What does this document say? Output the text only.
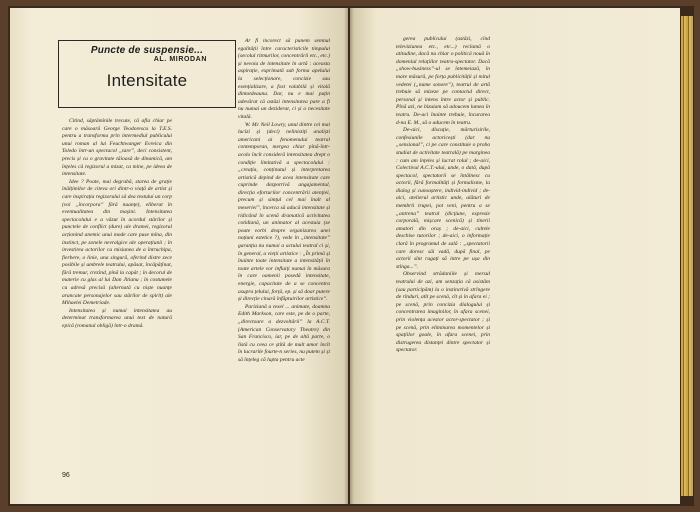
Puncte de suspensie...
AL. MIRODAN
Intensitate

Citind, săptămînile trecute, că afla chiar pe care o măsoară George Teodorescu la T.E.S. pentru a transforma prin intermediul publicului unui roman al lui Feuchtwanger Evreica din Toledo într-un spectacol „tare”, deci consistent, precis și cu o gravitate tăioasă de dinamică, am înțeles că regizorul a mizat, ca mine, pe ideea de intensitate.

Idee ? Poate, mai degrabă, starea de grație înălțimilor de citeva ori dintr-o viață de artist și care inspirația regizorului să dea textului un corp (voi „încorpora” fără nuanțe), eliberat în eventualitatea din mașini. Intensitatea spectacolului e a văzut în acordul stărilor și punctele de conflict (dure) ale dramei, regizorul acționind anemic unui mode care puse mîna, din instinct, pe zonele nevralgice ale operațiunii ; în investirea actorilor cu misiunea de a întruchipa, fierbere, o linie, una singură, oferind distre zece posibile și umbrele teatrului, apăsat, încăpățînat, fără tremur, crezînd, pînă la capăt ; în decorul de materie cu glas al lui Dan Jitianu ; în costumele cu adresă precisă (alternată cu niște nuanțe aruncate personajelor sau stărilor de spirit) ale Mihaelei Demetriade.

Intensitatea și numai intensitatea au determinat transformarea unui text de natură epică (romanul obligă) într-o dramă.

Ar fi incorect să punem semnul egalității între caracteristicile timpului (secolul ritmurilor, concentrării etc., etc.) și nevoia de intensitate în artă : aceasta aspirație, exprimată sub forma apelului la selecționare, concizie sau esențializare, a fost valabilă și vitală dintotdeauna. Dar, nu e mai puțin adevărat că astăzi intensitatea pare a fi nu numai un deziderat, ci și o necesitate vitală.

W. Mc Neil Lowry, unul dintre cei mai lucizi și (deci) nelinistiți analiști americani ai fenomenului teatral contemporan, mergea chiar pînă-într-acolo încît consideră intensitatea drept o condiție limitativă a spectacolului : „creația, conținutul și interpretarea artistică depind de acea intensitate care cuprinde dezpotrivă angajamentul, direcția eforturilor concentrării atenției, precum și simțul cel mai înalt al meseriei”, încerca să aducă intensitate și ridicând în scenă dramatică activitatea cotidiană, un animator al acestuia (se poate vorbi despre organizarea unei noțiuni estetice ?), vede în „intensitate” garanția nu numai a actului teatral ci și, în general, a vieții artistice : „În primă și înainte toate intensitate a intensității în toate artele vor influiți numai în măsura în care oamenii posedă intensitate, energie, capacitate de a se concentra asupra țelului, forță, ep. și să doar putere și direcție cinară înfăptuirilor artistice”.

Pariziană a texel ... animate, doamna Edith Markson, care este, pe de o parte, „directoare a dezvoltării” la A.C.T. (American Conservatory Theatre) din San Francisco, iar, pe de altă parte, o listă cu ceea ce ștîtă de mult umor încît în lucrarile fourte-n series, nu putem și și să înțeleg că lupta pentru acte

gerea publicului (astăzi, cînd televiziunea etc., etc...) reclamă o atitudine, dacă nu chiar o politică nouă în domeniul relațiilor teatru-spectator. Dacă „show-business”-ul se întemeiază, în mare măsură, pe forța publicității și mitul vedetei („nume sonore”), teatrul de artă trebuie să mizeze pe contactul direct, personal și intens între actor și public. Pînă azi, ne bizuiam să adoucem lumea în teatru. De-aci înainte trebuie, încurarea d-na E. M., să o aducem în teatru.

De-aici, discuție, mărturisirile, confesiunile actoricești (dar nu „sensional”, ci pe care constituie o proba studiat de activitate teatrală) pe marginea : cum am înțeles și lucrat rolul ; de-aici, Colectivul A.C.T.-ului, unde, o dată, după spectacol, spectatorii se întâlnesc cu actorii, fără formalități și formalisme, la dialog și cunoaștere, individ-individ ; de-aici, atelierul artistic unde, alături de membrii trupei, pot veni, pentru a se „antrena” teatral (dicțiune, expresie corporală, mișcare scenică) și tinerii amatori din oraș ; de-aici, cultele deschise tutorilor ; de-aici, o informație clară în programul de sală : „spectatorii care doresc săi vadă, după final, pe actorii sînt rugați să intre pe ușa din stînga...”.

Observind strădaniile și mersul teatrului de azi, am senzația că asistăm (sau participăm) la o instinctivă strîngere de rînduri, atît pe scenă, cît și în afara ei ; pe scenă, prin concizia dialogului și concentrarea imaginilor, în afara scenei, prin violența acestor actor-spectator ; și pe scenă, prin eliminarea momentelor și spațiilor goale, în afara scenei, prin distrugerea distanței dintre spectator și spectator.

96
